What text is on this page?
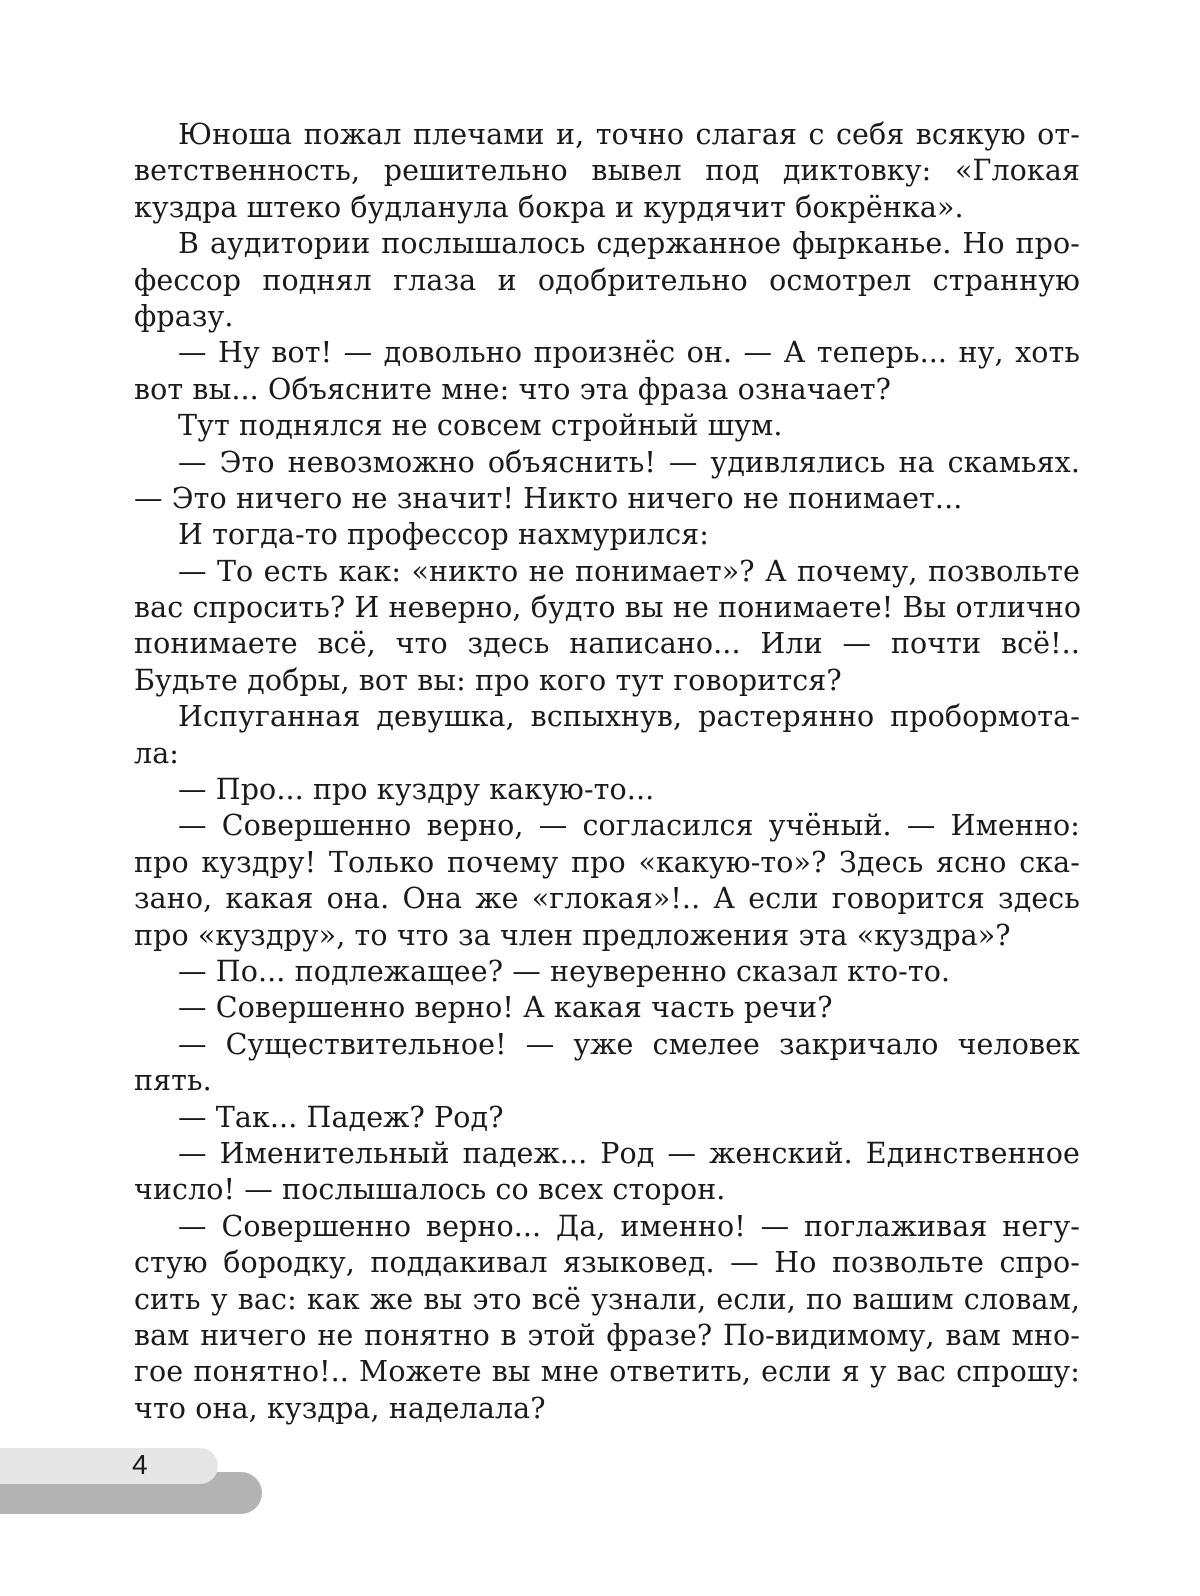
Юноша пожал плечами и, точно слагая с себя всякую от-
ветственность, решительно вывел под диктовку: «Глокая
куздра штеко будланула бокра и курдячит бокрёнка».
В аудитории послышалось сдержанное фырканье. Но про-
фессор поднял глаза и одобрительно осмотрел странную
фразу.
— Ну вот! — довольно произнёс он. — А теперь... ну, хоть
вот вы... Объясните мне: что эта фраза означает?
Тут поднялся не совсем стройный шум.
— Это невозможно объяснить! — удивлялись на скамьях.
— Это ничего не значит! Никто ничего не понимает...
И тогда-то профессор нахмурился:
— То есть как: «никто не понимает»? А почему, позвольте
вас спросить? И неверно, будто вы не понимаете! Вы отлично
понимаете всё, что здесь написано... Или — почти всё!..
Будьте добры, вот вы: про кого тут говорится?
Испуганная девушка, вспыхнув, растерянно пробормота-
ла:
— Про... про куздру какую-то...
— Совершенно верно, — согласился учёный. — Именно:
про куздру! Только почему про «какую-то»? Здесь ясно ска-
зано, какая она. Она же «глокая»!.. А если говорится здесь
про «куздру», то что за член предложения эта «куздра»?
— По... подлежащее? — неуверенно сказал кто-то.
— Совершенно верно! А какая часть речи?
— Существительное! — уже смелее закричало человек
пять.
— Так... Падеж? Род?
— Именительный падеж... Род — женский. Единственное
число! — послышалось со всех сторон.
— Совершенно верно... Да, именно! — поглаживая негу-
стую бородку, поддакивал языковед. — Но позвольте спро-
сить у вас: как же вы это всё узнали, если, по вашим словам,
вам ничего не понятно в этой фразе? По-видимому, вам мно-
гое понятно!.. Можете вы мне ответить, если я у вас спрошу:
что она, куздра, наделала?
4
